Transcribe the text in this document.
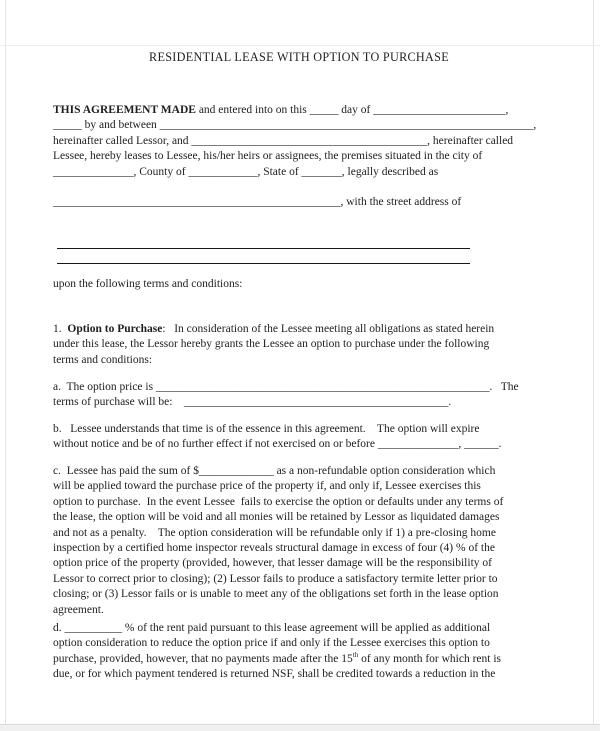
RESIDENTIAL LEASE WITH OPTION TO PURCHASE
THIS AGREEMENT MADE and entered into on this _____ day of _______________________,
_____ by and between _________________________________________________________________,
hereinafter called Lessor, and _________________________________________, hereinafter called
Lessee, hereby leases to Lessee, his/her heirs or assignees, the premises situated in the city of
______________, County of ____________, State of _______, legally described as
__________________________________________________, with the street address of
upon the following terms and conditions:
1.  Option to Purchase:   In consideration of the Lessee meeting all obligations as stated herein
under this lease, the Lessor hereby grants the Lessee an option to purchase under the following
terms and conditions:
a.  The option price is __________________________________________________________.   The
terms of purchase will be:    ______________________________________________.
b.   Lessee understands that time is of the essence in this agreement.    The option will expire
without notice and be of no further effect if not exercised on or before ______________, ______.
c.  Lessee has paid the sum of $_____________ as a non-refundable option consideration which
will be applied toward the purchase price of the property if, and only if, Lessee exercises this
option to purchase.  In the event Lessee  fails to exercise the option or defaults under any terms of
the lease, the option will be void and all monies will be retained by Lessor as liquidated damages
and not as a penalty.    The option consideration will be refundable only if 1) a pre-closing home
inspection by a certified home inspector reveals structural damage in excess of four (4) % of the
option price of the property (provided, however, that lesser damage will be the responsibility of
Lessor to correct prior to closing); (2) Lessor fails to produce a satisfactory termite letter prior to
closing; or (3) Lessor fails or is unable to meet any of the obligations set forth in the lease option
agreement.
d. __________ % of the rent paid pursuant to this lease agreement will be applied as additional
option consideration to reduce the option price if and only if the Lessee exercises this option to
purchase, provided, however, that no payments made after the 15th of any month for which rent is
due, or for which payment tendered is returned NSF, shall be credited towards a reduction in the
